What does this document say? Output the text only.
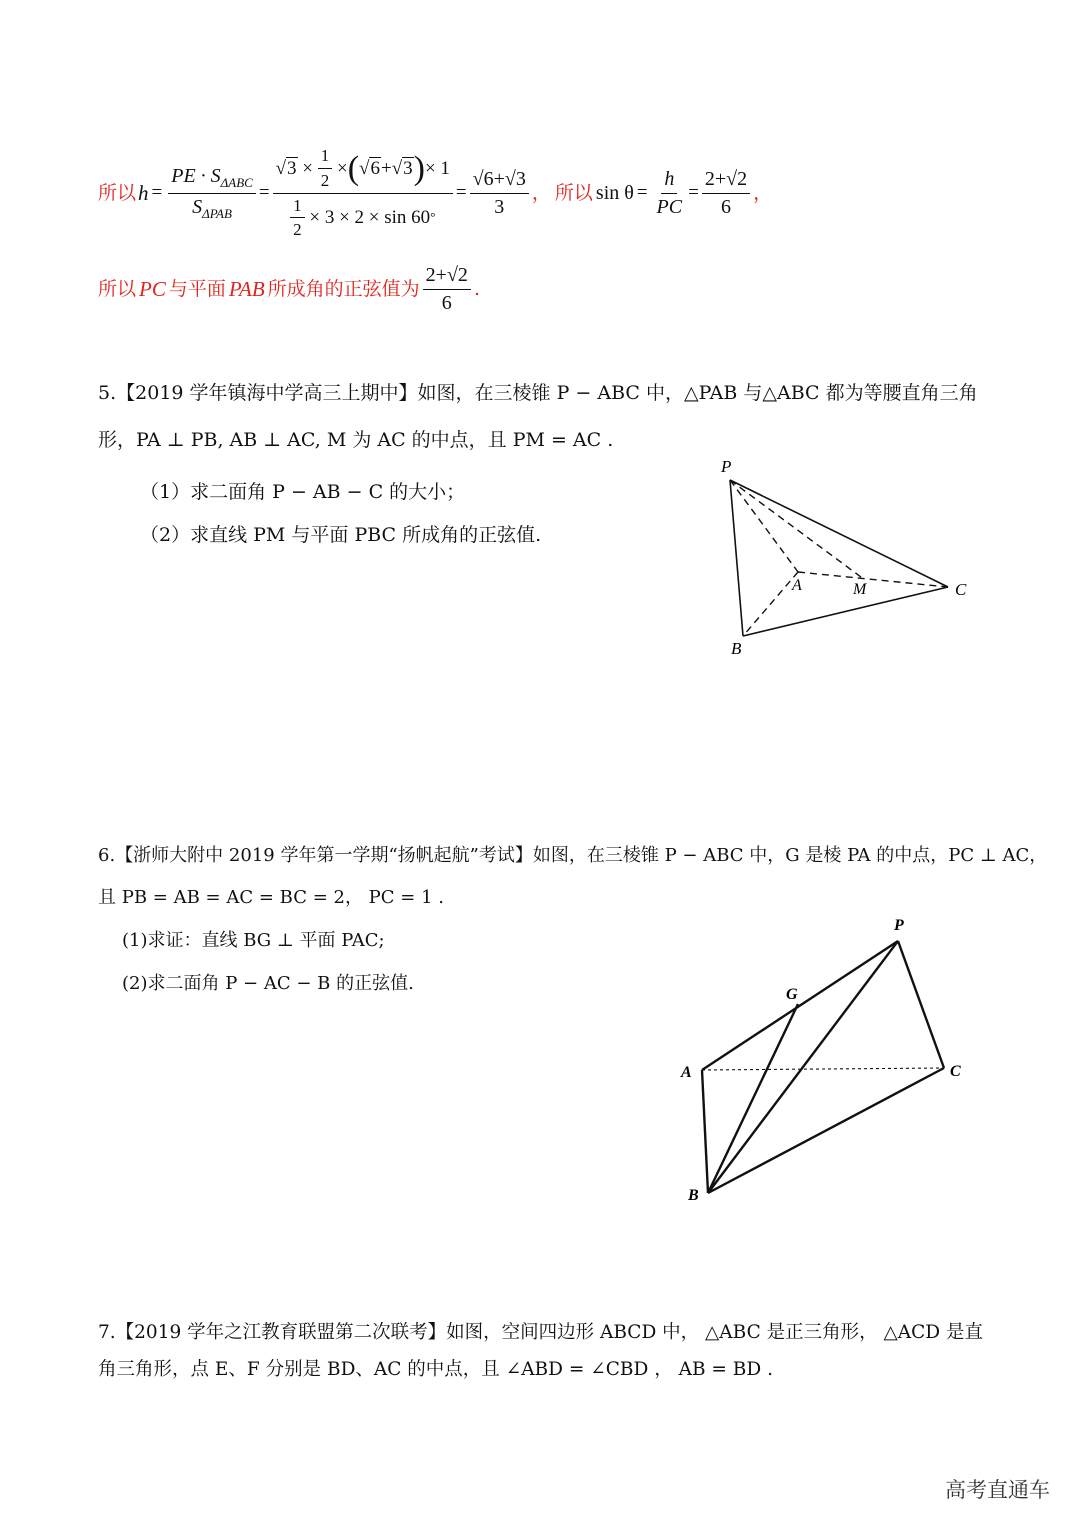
所以 $h = \frac{PE \cdot S_{\Delta ABC}}{S_{\Delta PAB}} = \frac{√3 \times \frac{1}{2} \times ( √6 + √3 ) \times 1}{\frac{1}{2} \times 3 \times 2 \times \sin 60 ^\circ} = \frac{√6+√3}{3}$ ， 所以 $\sin \theta = \frac{h}{PC} = \frac{2+√2}{6}$ ，
所以 PC 与平面 PAB 所成角的正弦值为 $\frac{2+√2}{6}$ .
5.【2019 学年镇海中学高三上期中】如图，在三棱锥 P − ABC 中，△PAB 与△ABC 都为等腰直角三角
形，PA ⊥ PB, AB ⊥ AC, M 为 AC 的中点，且 PM = AC .
（1）求二面角 P − AB − C 的大小；
（2）求直线 PM 与平面 PBC 所成角的正弦值.
P
A	M	C
B
6.【浙师大附中 2019 学年第一学期“扬帆起航”考试】如图，在三棱锥 P − ABC 中，G 是棱 PA 的中点，PC ⊥ AC，
且 PB = AB = AC = BC = 2， PC = 1 .
(1)求证：直线 BG ⊥ 平面 PAC;
(2)求二面角 P − AC − B 的正弦值.
P
G
A	C
B
7.【2019 学年之江教育联盟第二次联考】如图，空间四边形 ABCD 中， △ABC 是正三角形， △ACD 是直
角三角形，点 E、F 分别是 BD、AC 的中点，且 ∠ABD = ∠CBD ， AB = BD .
高考直通车
